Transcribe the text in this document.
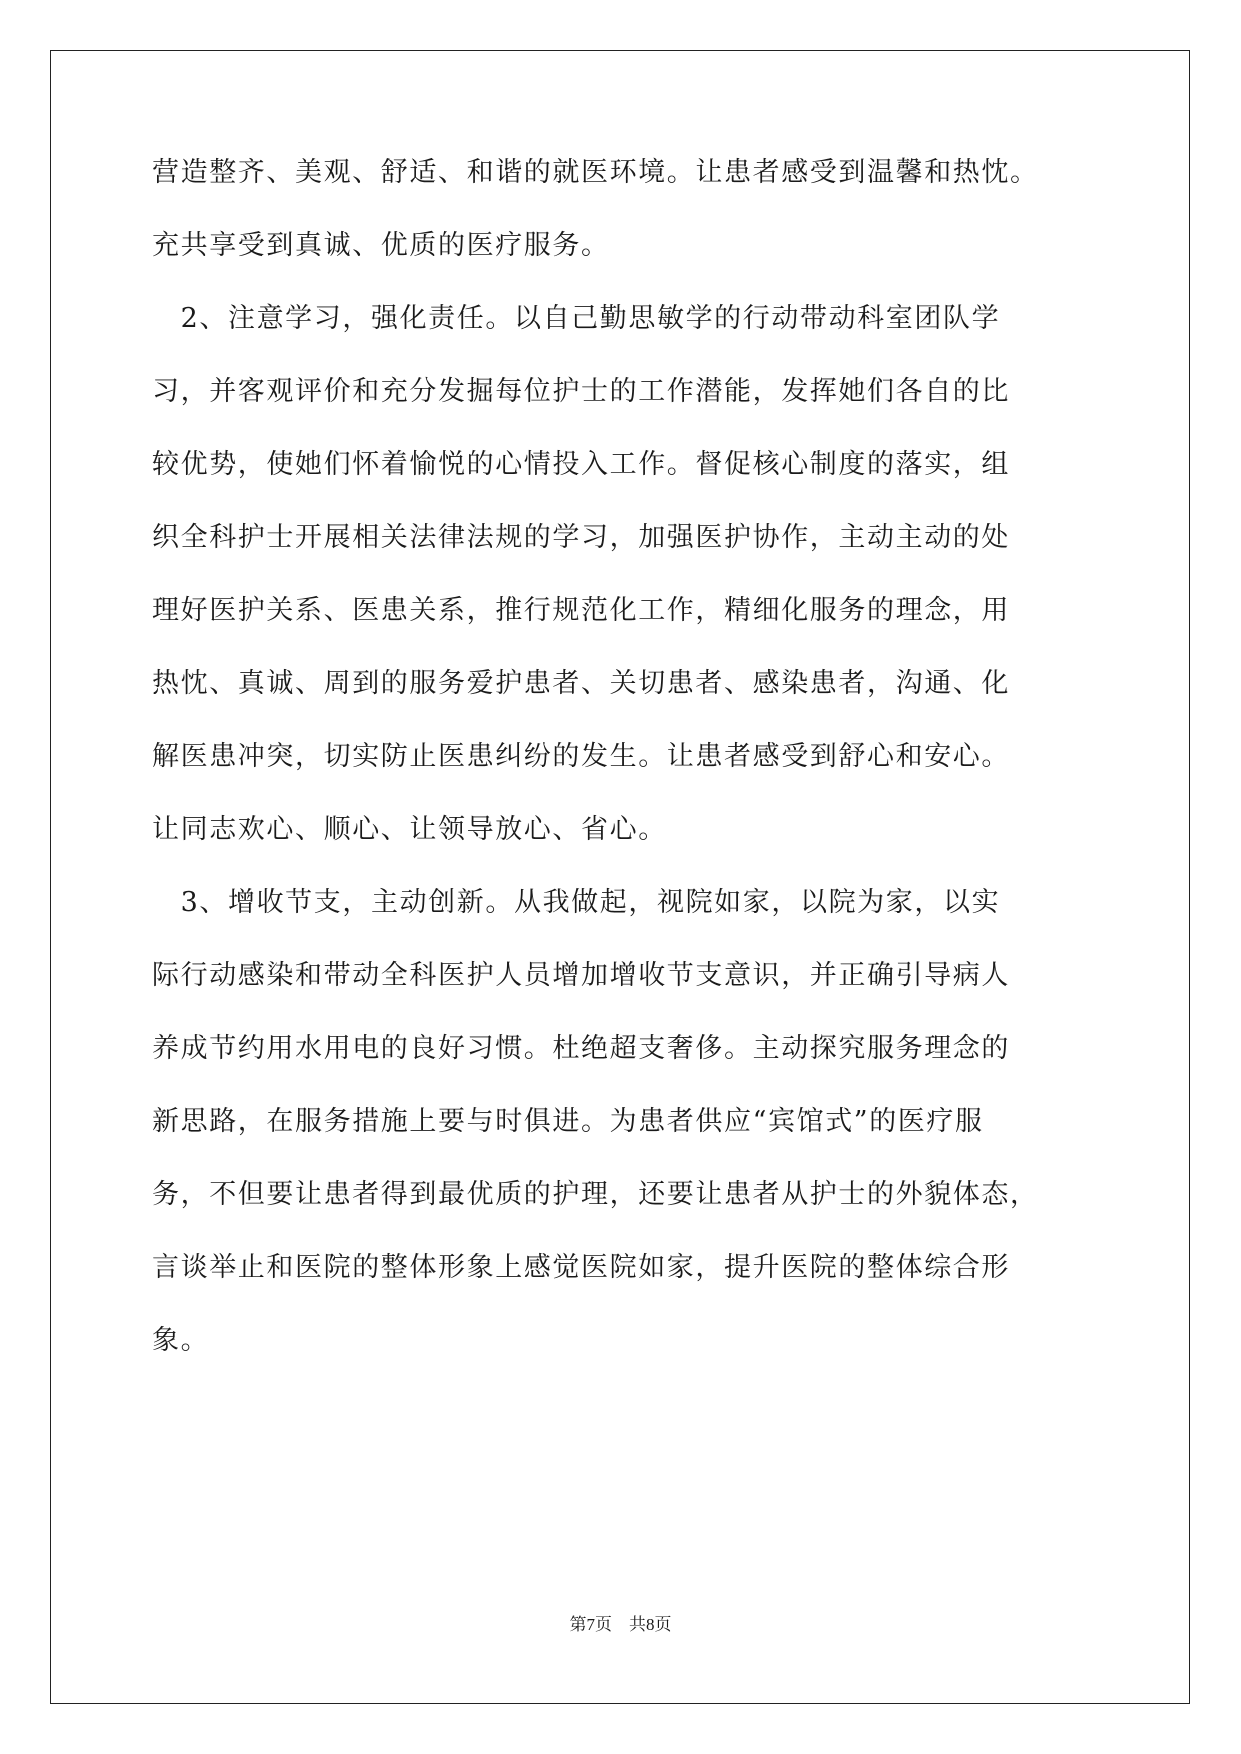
营造整齐、美观、舒适、和谐的就医环境。让患者感受到温馨和热忱。
充共享受到真诚、优质的医疗服务。
　2、注意学习，强化责任。以自己勤思敏学的行动带动科室团队学
习，并客观评价和充分发掘每位护士的工作潜能，发挥她们各自的比
较优势，使她们怀着愉悦的心情投入工作。督促核心制度的落实，组
织全科护士开展相关法律法规的学习，加强医护协作，主动主动的处
理好医护关系、医患关系，推行规范化工作，精细化服务的理念，用
热忱、真诚、周到的服务爱护患者、关切患者、感染患者，沟通、化
解医患冲突，切实防止医患纠纷的发生。让患者感受到舒心和安心。
让同志欢心、顺心、让领导放心、省心。
　3、增收节支，主动创新。从我做起，视院如家，以院为家，以实
际行动感染和带动全科医护人员增加增收节支意识，并正确引导病人
养成节约用水用电的良好习惯。杜绝超支奢侈。主动探究服务理念的
新思路，在服务措施上要与时俱进。为患者供应“宾馆式”的医疗服
务，不但要让患者得到最优质的护理，还要让患者从护士的外貌体态，
言谈举止和医院的整体形象上感觉医院如家，提升医院的整体综合形
象。
第7页　共8页
